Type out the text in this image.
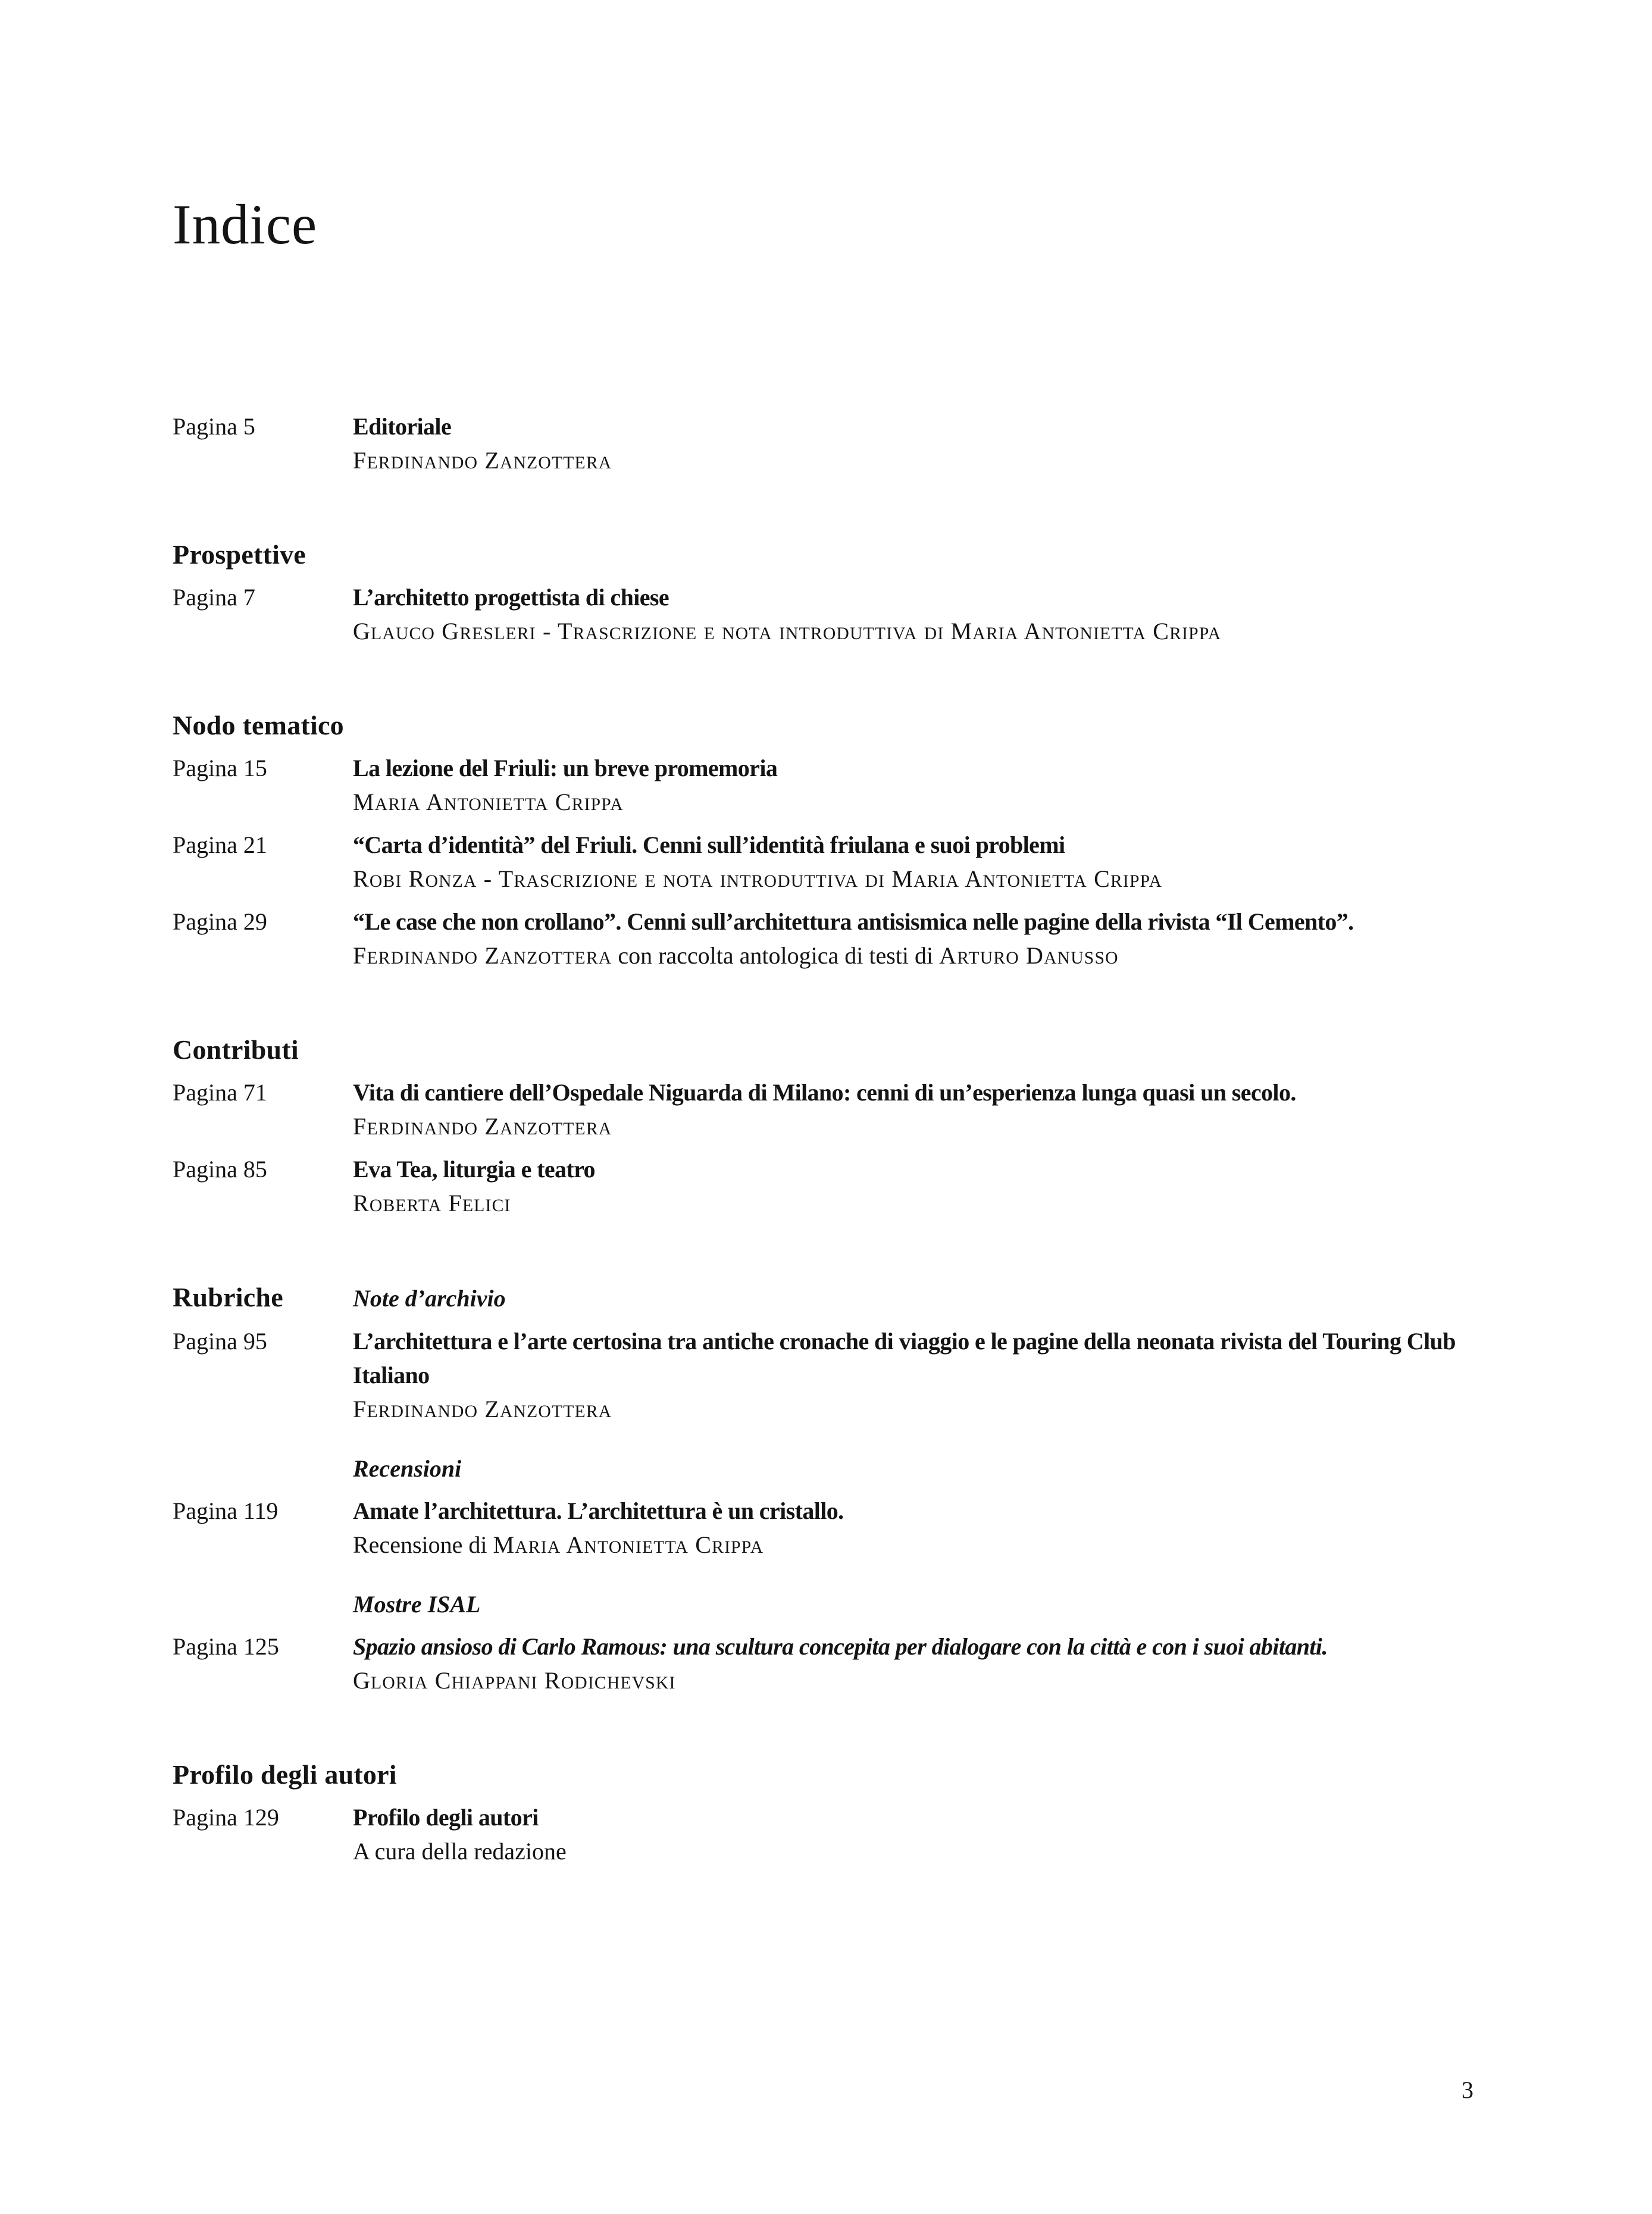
Indice
Pagina 5	Editoriale
FERDINANDO ZANZOTTERA
Prospettive
Pagina 7	L’architetto progettista di chiese
GLAUCO GRESLERI - TRASCRIZIONE E NOTA INTRODUTTIVA DI MARIA ANTONIETTA CRIPPA
Nodo tematico
Pagina 15	La lezione del Friuli: un breve promemoria
MARIA ANTONIETTA CRIPPA
Pagina 21	“Carta d’identità” del Friuli. Cenni sull’identità friulana e suoi problemi
ROBI RONZA - TRASCRIZIONE E NOTA INTRODUTTIVA DI MARIA ANTONIETTA CRIPPA
Pagina 29	“Le case che non crollano”. Cenni sull’architettura antisismica nelle pagine della rivista “Il Cemento”.
FERDINANDO ZANZOTTERA con raccolta antologica di testi di ARTURO DANUSSO
Contributi
Pagina 71	Vita di cantiere dell’Ospedale Niguarda di Milano: cenni di un’esperienza lunga quasi un secolo.
FERDINANDO ZANZOTTERA
Pagina 85	Eva Tea, liturgia e teatro
ROBERTA FELICI
Rubriche	Note d’archivio
Pagina 95	L’architettura e l’arte certosina tra antiche cronache di viaggio e le pagine della neonata rivista del Touring Club Italiano
FERDINANDO ZANZOTTERA
Recensioni
Pagina 119	Amate l’architettura. L’architettura è un cristallo.
Recensione di MARIA ANTONIETTA CRIPPA
Mostre ISAL
Pagina 125	Spazio ansioso di Carlo Ramous: una scultura concepita per dialogare con la città e con i suoi abitanti.
GLORIA CHIAPPANI RODICHEVSKI
Profilo degli autori
Pagina 129	Profilo degli autori
A cura della redazione
3
